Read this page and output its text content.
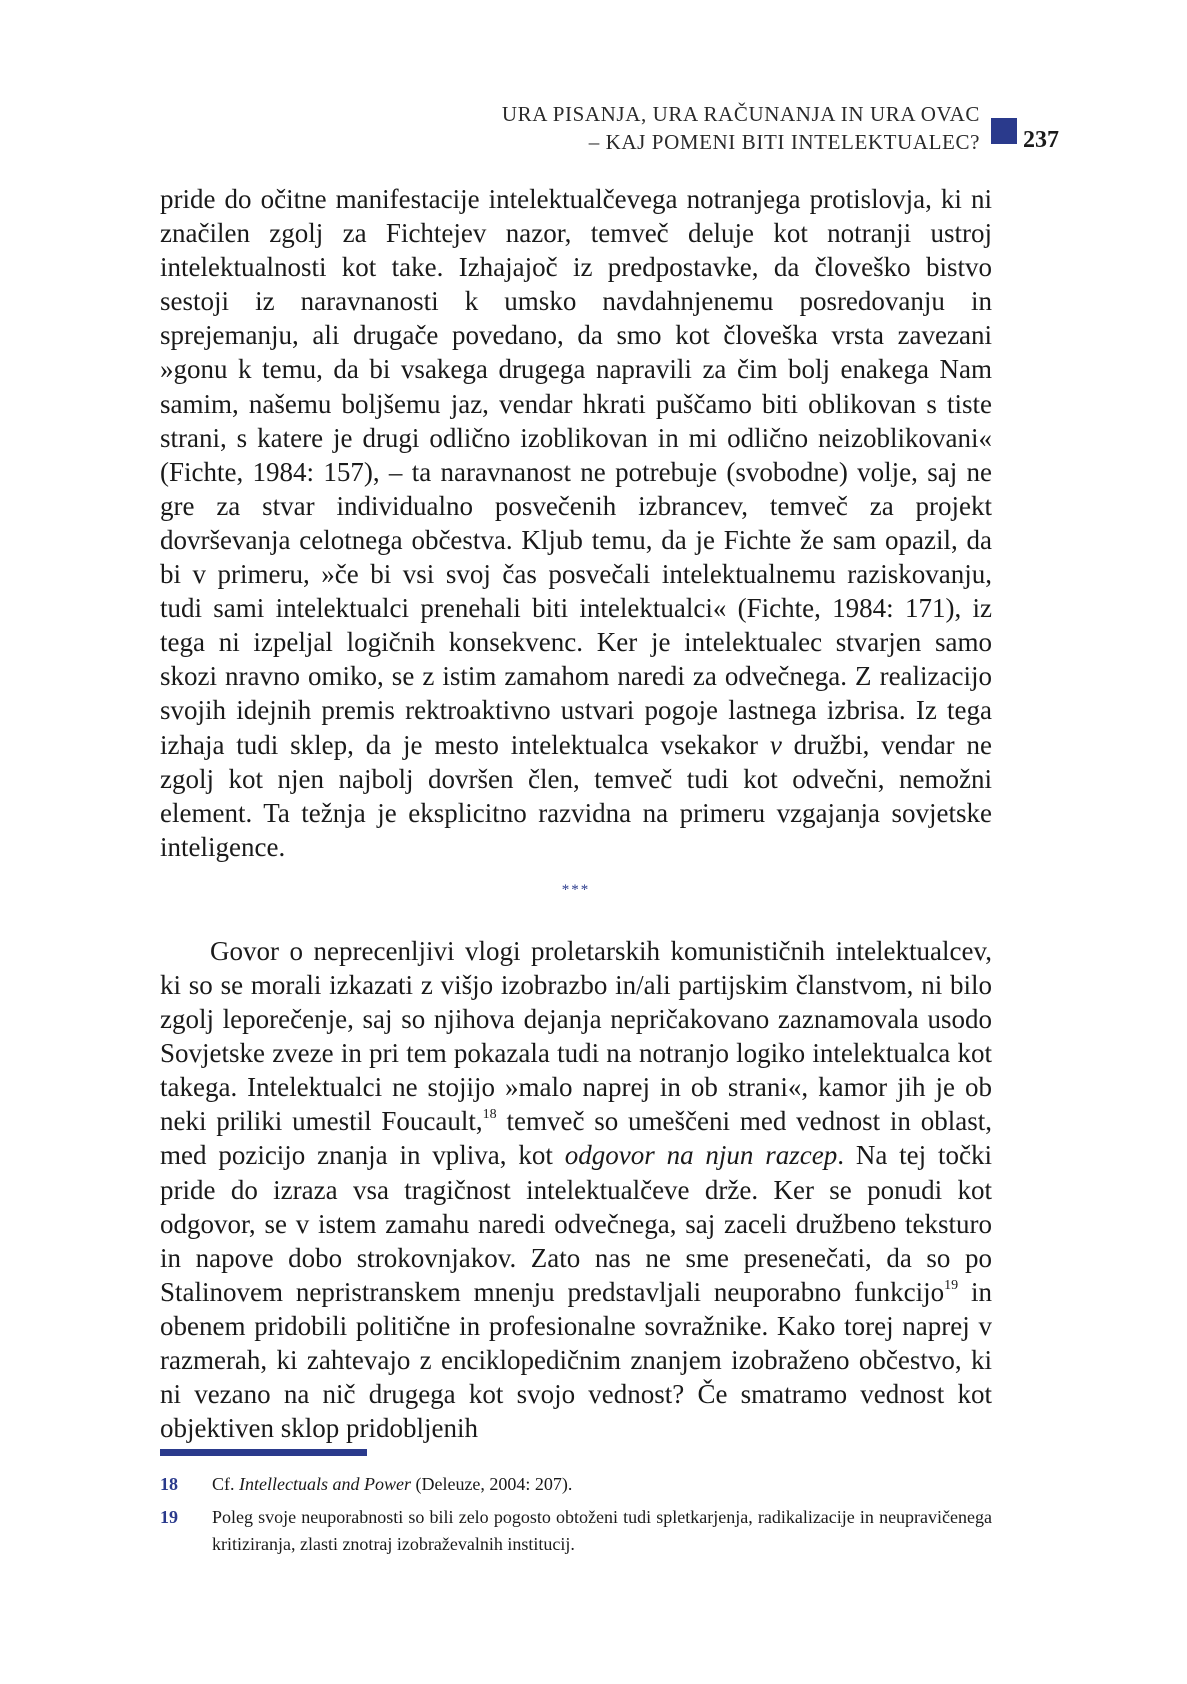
URA PISANJA, URA RAČUNANJA IN URA OVAC
– KAJ POMENI BITI INTELEKTUALEC? 237

pride do očitne manifestacije intelektualčevega notranjega protislovja, ki ni značilen zgolj za Fichtejev nazor, temveč deluje kot notranji ustroj intelektualnosti kot take. Izhajajoč iz predpostavke, da človeško bistvo sestoji iz naravnanosti k umsko navdahnjenemu posredovanju in sprejemanju, ali drugače povedano, da smo kot človeška vrsta zavezani »gonu k temu, da bi vsakega drugega napravili za čim bolj enakega Nam samim, našemu boljšemu jaz, vendar hkrati puščamo biti oblikovan s tiste strani, s katere je drugi odlično izoblikovan in mi odlično neizoblikovani« (Fichte, 1984: 157), – ta naravnanost ne potrebuje (svobodne) volje, saj ne gre za stvar individualno posvečenih izbrancev, temveč za projekt dovrševanja celotnega občestva. Kljub temu, da je Fichte že sam opazil, da bi v primeru, »če bi vsi svoj čas posvečali intelektualnemu raziskovanju, tudi sami intelektualci prenehali biti intelektualci« (Fichte, 1984: 171), iz tega ni izpeljal logičnih konsekvenc. Ker je intelektualec stvarjen samo skozi nravno omiko, se z istim zamahom naredi za odvečnega. Z realizacijo svojih idejnih premis rektroaktivno ustvari pogoje lastnega izbrisa. Iz tega izhaja tudi sklep, da je mesto intelektualca vsekakor v družbi, vendar ne zgolj kot njen najbolj dovršen člen, temveč tudi kot odvečni, nemožni element. Ta težnja je eksplicitno razvidna na primeru vzgajanja sovjetske inteligence.

***

Govor o neprecenljivi vlogi proletarskih komunističnih intelektualcev, ki so se morali izkazati z višjo izobrazbo in/ali partijskim članstvom, ni bilo zgolj leporečenje, saj so njihova dejanja nepričakovano zaznamovala usodo Sovjetske zveze in pri tem pokazala tudi na notranjo logiko intelektualca kot takega. Intelektualci ne stojijo »malo naprej in ob strani«, kamor jih je ob neki priliki umestil Foucault,$^{18}$ temveč so umeščeni med vednost in oblast, med pozicijo znanja in vpliva, kot odgovor na njun razcep. Na tej točki pride do izraza vsa tragičnost intelektualčeve drže. Ker se ponudi kot odgovor, se v istem zamahu naredi odvečnega, saj zaceli družbeno teksturo in napove dobo strokovnjakov. Zato nas ne sme presenečati, da so po Stalinovem nepristranskem mnenju predstavljali neuporabno funkcijo$^{19}$ in obenem pridobili politične in profesionalne sovražnike. Kako torej naprej v razmerah, ki zahtevajo z enciklopedičnim znanjem izobraženo občestvo, ki ni vezano na nič drugega kot svojo vednost? Če smatramo vednost kot objektiven sklop pridobljenih

18	Cf. Intellectuals and Power (Deleuze, 2004: 207).
19	Poleg svoje neuporabnosti so bili zelo pogosto obtoženi tudi spletkarjenja, radikalizacije in neupravičenega kritiziranja, zlasti znotraj izobraževalnih institucij.
